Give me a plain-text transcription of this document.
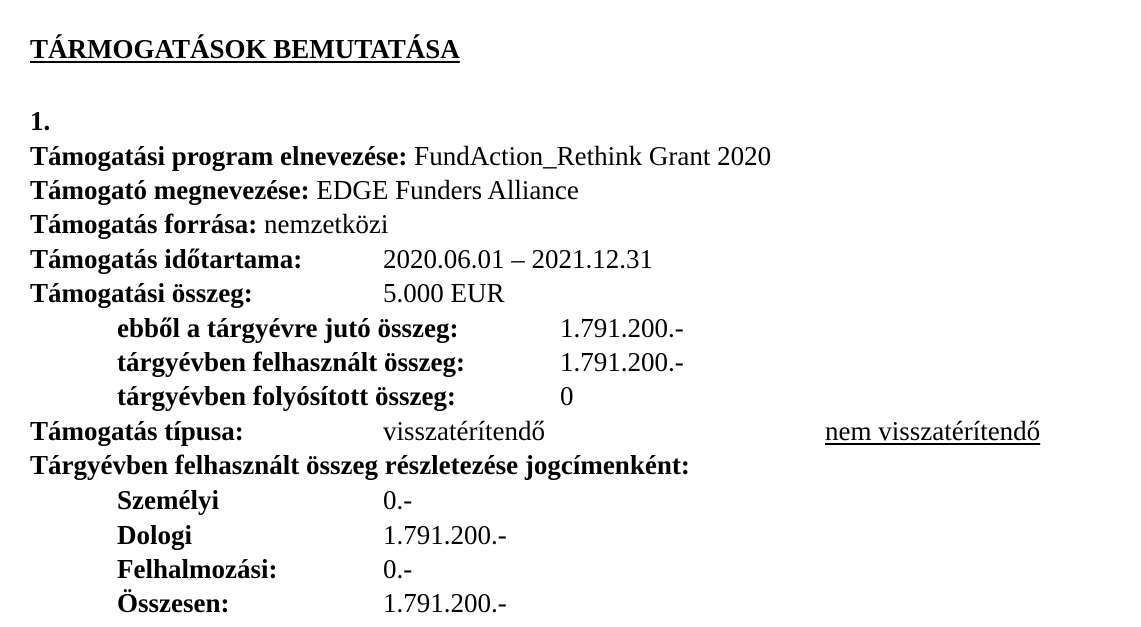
TÁRMOGATÁSOK BEMUTATÁSA
1.
Támogatási program elnevezése: FundAction_Rethink Grant 2020
Támogató megnevezése: EDGE Funders Alliance
Támogatás forrása: nemzetközi
Támogatás időtartama:	2020.06.01 – 2021.12.31
Támogatási összeg:	5.000 EUR
ebből a tárgyévre jutó összeg:	1.791.200.-
tárgyévben felhasznált összeg:	1.791.200.-
tárgyévben folyósított összeg:	0
Támogatás típusa:	visszatérítendő	nem visszatérítendő
Tárgyévben felhasznált összeg részletezése jogcímenként:
Személyi	0.-
Dologi	1.791.200.-
Felhalmozási:	0.-
Összesen:	1.791.200.-
